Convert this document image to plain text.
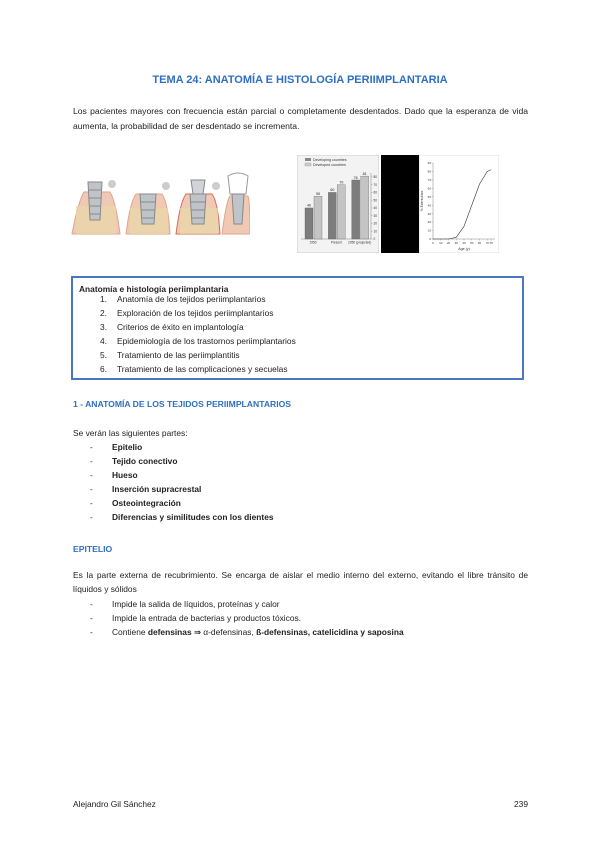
TEMA 24: ANATOMÍA E HISTOLOGÍA PERIIMPLANTARIA
Los pacientes mayores con frecuencia están parcial o completamente desdentados. Dado que la esperanza de vida aumenta, la probabilidad de ser desdentado se incrementa.
Developing countries
Developed countries
40
55
1950
60
70
Present
76
81
2050 (projected)
0
10
20
30
40
50
60
70
80
% Edentulism
Age (y)
0
10
20
30
40
50
60
70
80
90
0 10 20 30 40 50 60 70 75
Anatomía e histología periimplantaria
1. Anatomía de los tejidos periimplantarios
2. Exploración de los tejidos periimplantarios
3. Criterios de éxito en implantología
4. Epidemiología de los trastornos periimplantarios
5. Tratamiento de las periimplantitis
6. Tratamiento de las complicaciones y secuelas
1 - ANATOMÍA DE LOS TEJIDOS PERIIMPLANTARIOS
Se verán las siguientes partes:
- Epitelio
- Tejido conectivo
- Hueso
- Inserción supracrestal
- Osteointegración
- Diferencias y similitudes con los dientes
EPITELIO
Es la parte externa de recubrimiento. Se encarga de aislar el medio interno del externo, evitando el libre tránsito de líquidos y sólidos
- Impide la salida de líquidos, proteínas y calor
- Impide la entrada de bacterias y productos tóxicos.
- Contiene defensinas ⇒ α-defensinas, ß-defensinas, catelicidina y saposina
Alejandro Gil Sánchez	239
